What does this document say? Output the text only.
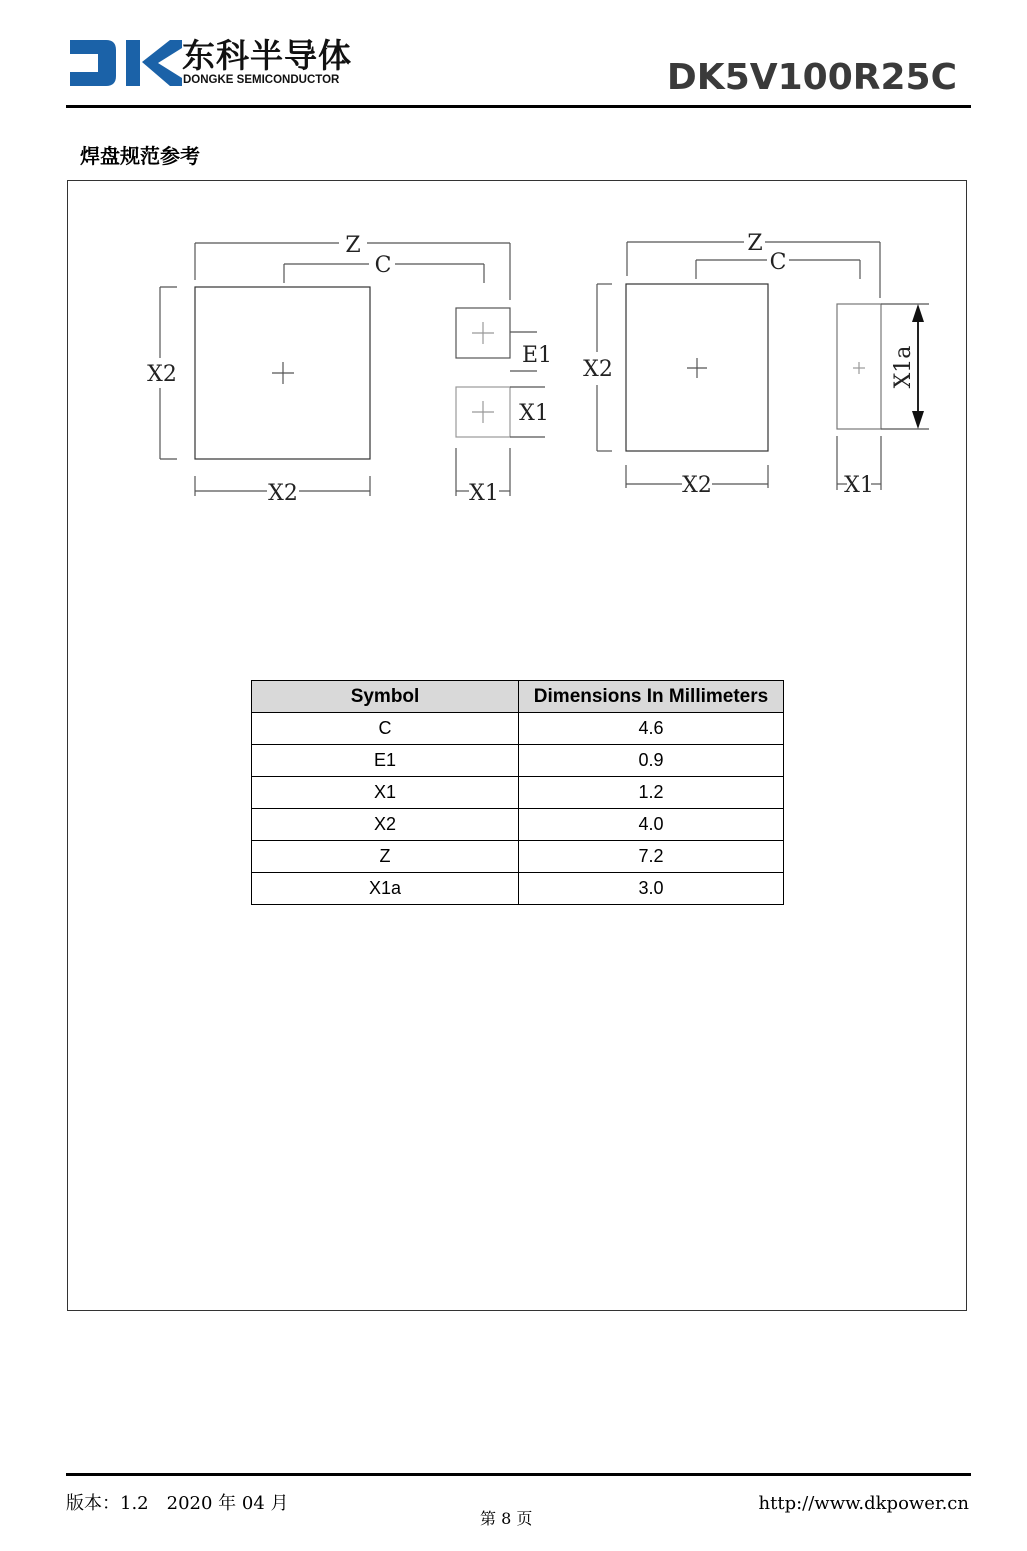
东科半导体
DONGKE SEMICONDUCTOR	DK5V100R25C
焊盘规范参考
Z
C
X2
X2
E1
X1
X1
Z
C
X2
X2
X1a
X1
Symbol	Dimensions In Millimeters
C	4.6
E1	0.9
X1	1.2
X2	4.0
Z	7.2
X1a	3.0
版本：1.2　2020 年 04 月
第 8 页
http://www.dkpower.cn
